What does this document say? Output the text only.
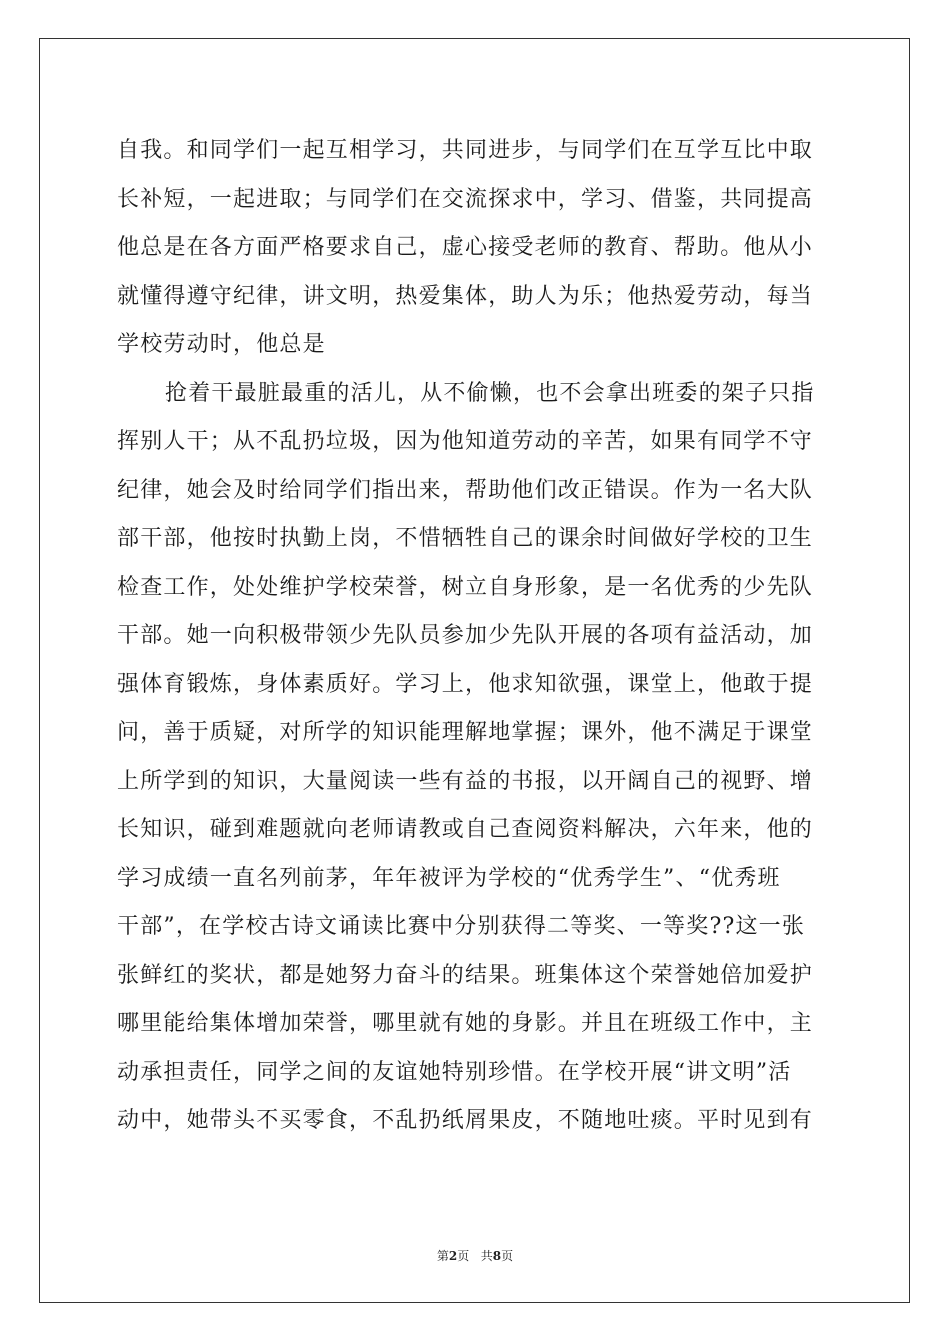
自我。和同学们一起互相学习，共同进步，与同学们在互学互比中取
长补短，一起进取；与同学们在交流探求中，学习、借鉴，共同提高
他总是在各方面严格要求自己，虚心接受老师的教育、帮助。他从小
就懂得遵守纪律，讲文明，热爱集体，助人为乐；他热爱劳动，每当
学校劳动时，他总是
抢着干最脏最重的活儿，从不偷懒，也不会拿出班委的架子只指
挥别人干；从不乱扔垃圾，因为他知道劳动的辛苦，如果有同学不守
纪律，她会及时给同学们指出来，帮助他们改正错误。作为一名大队
部干部，他按时执勤上岗，不惜牺牲自己的课余时间做好学校的卫生
检查工作，处处维护学校荣誉，树立自身形象，是一名优秀的少先队
干部。她一向积极带领少先队员参加少先队开展的各项有益活动，加
强体育锻炼，身体素质好。学习上，他求知欲强，课堂上，他敢于提
问，善于质疑，对所学的知识能理解地掌握；课外，他不满足于课堂
上所学到的知识，大量阅读一些有益的书报，以开阔自己的视野、增
长知识，碰到难题就向老师请教或自己查阅资料解决，六年来，他的
学习成绩一直名列前茅，年年被评为学校的“优秀学生”、“优秀班
干部”，在学校古诗文诵读比赛中分别获得二等奖、一等奖??这一张
张鲜红的奖状，都是她努力奋斗的结果。班集体这个荣誉她倍加爱护
哪里能给集体增加荣誉，哪里就有她的身影。并且在班级工作中，主
动承担责任，同学之间的友谊她特别珍惜。在学校开展“讲文明”活
动中，她带头不买零食，不乱扔纸屑果皮，不随地吐痰。平时见到有
第2页 共8页
